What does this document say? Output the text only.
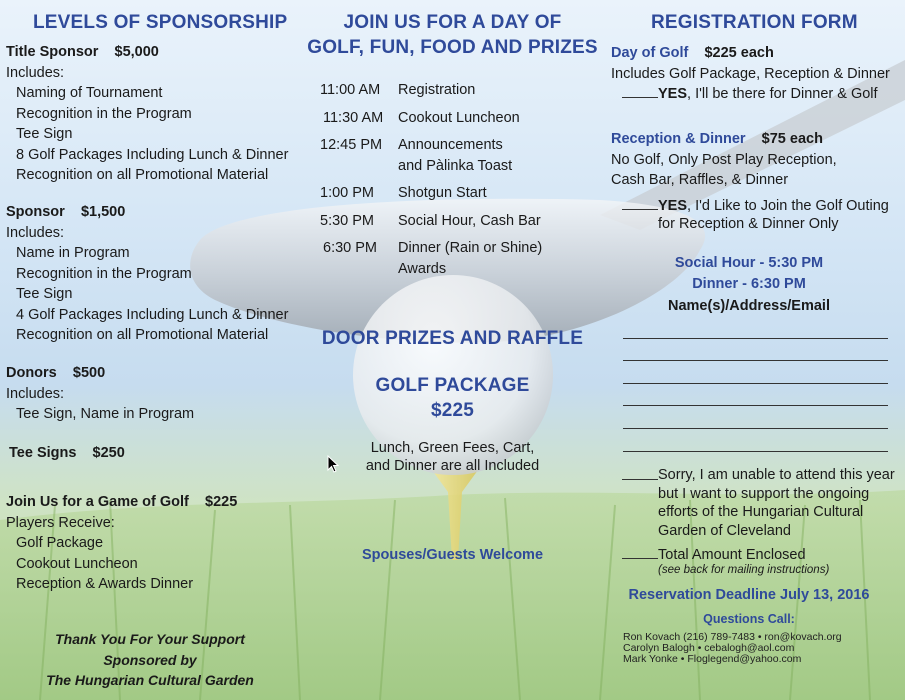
LEVELS OF SPONSORSHIP
Title Sponsor $5,000
Includes:
Naming of Tournament
Recognition in the Program
Tee Sign
8 Golf Packages Including Lunch & Dinner
Recognition on all Promotional Material
Sponsor $1,500
Includes:
Name in Program
Recognition in the Program
Tee Sign
4 Golf Packages Including Lunch & Dinner
Recognition on all Promotional Material
Donors $500
Includes:
Tee Sign, Name in Program
Tee Signs $250
Join Us for a Game of Golf $225
Players Receive:
Golf Package
Cookout Luncheon
Reception & Awards Dinner
Thank You For Your Support
Sponsored by
The Hungarian Cultural Garden
JOIN US FOR A DAY OF
GOLF, FUN, FOOD AND PRIZES
11:00 AM	Registration
11:30 AM	Cookout Luncheon
12:45 PM	Announcements
and Pàlinka Toast
1:00 PM	Shotgun Start
5:30 PM	Social Hour, Cash Bar
6:30 PM	Dinner (Rain or Shine)
Awards
DOOR PRIZES AND RAFFLE
GOLF PACKAGE
$225
Lunch, Green Fees, Cart,
and Dinner are all Included
Spouses/Guests Welcome
REGISTRATION FORM
Day of Golf $225 each
Includes Golf Package, Reception & Dinner
YES, I'll be there for Dinner & Golf
Reception & Dinner $75 each
No Golf, Only Post Play Reception,
Cash Bar, Raffles, & Dinner
YES, I'd Like to Join the Golf Outing
for Reception & Dinner Only
Social Hour - 5:30 PM
Dinner - 6:30 PM
Name(s)/Address/Email
Sorry, I am unable to attend this year
but I want to support the ongoing
efforts of the Hungarian Cultural
Garden of Cleveland
Total Amount Enclosed
(see back for mailing instructions)
Reservation Deadline July 13, 2016
Questions Call:
Ron Kovach (216) 789-7483 • ron@kovach.org
Carolyn Balogh • cebalogh@aol.com
Mark Yonke • Floglegend@yahoo.com
